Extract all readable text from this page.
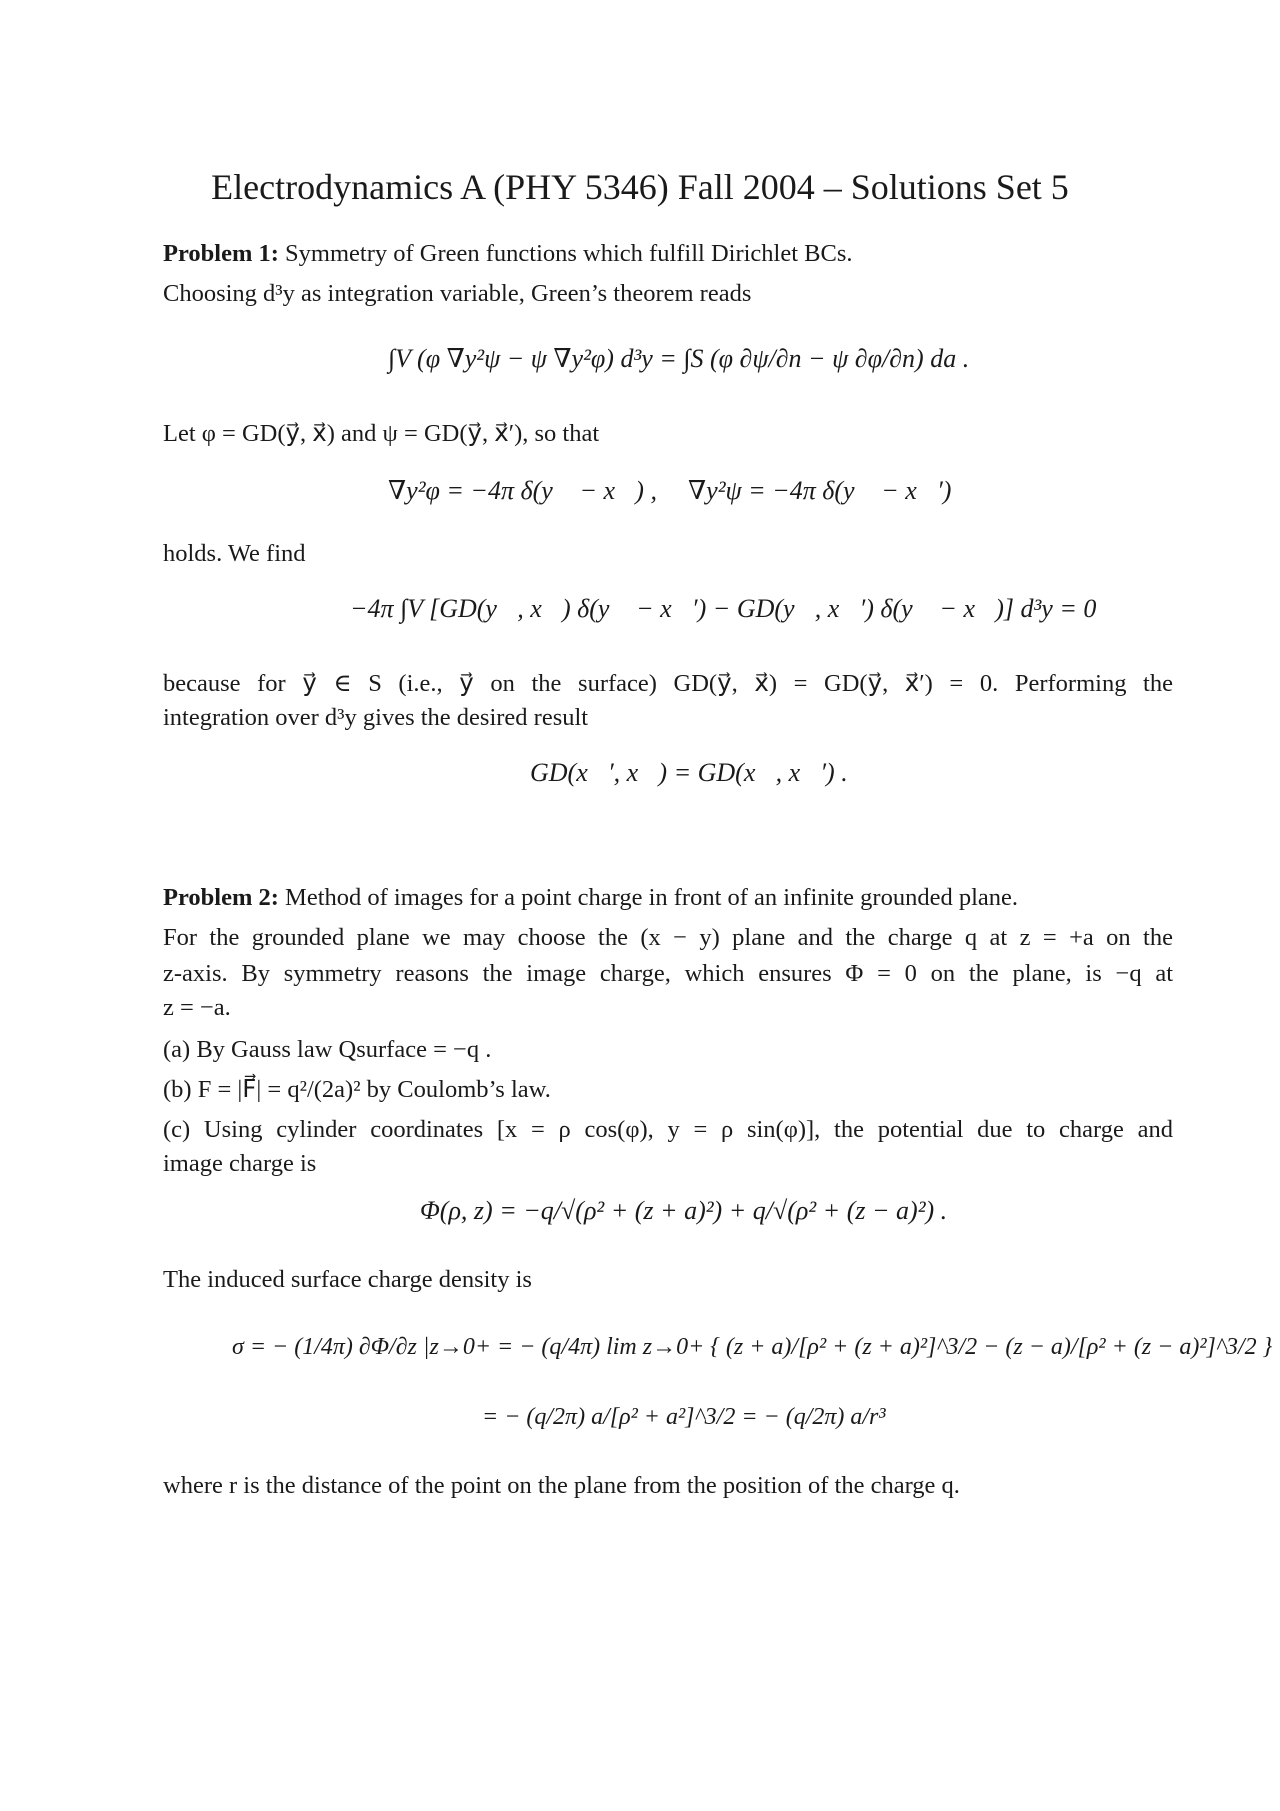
Electrodynamics A (PHY 5346) Fall 2004 – Solutions Set 5
Problem 1: Symmetry of Green functions which fulfill Dirichlet BCs.
Choosing d³y as integration variable, Green’s theorem reads
∫V (φ ∇y²ψ − ψ ∇y²φ) d³y = ∫S (φ ∂ψ/∂n − ψ ∂φ/∂n) da .
Let φ = GD(y⃗, x⃗) and ψ = GD(y⃗, x⃗′), so that
∇y²φ = −4π δ(y⃗ − x⃗) , ∇y²ψ = −4π δ(y⃗ − x⃗′)
holds. We find
−4π ∫V [GD(y⃗, x⃗) δ(y⃗ − x⃗′) − GD(y⃗, x⃗′) δ(y⃗ − x⃗)] d³y = 0
because for y⃗ ∈ S (i.e., y⃗ on the surface) GD(y⃗, x⃗) = GD(y⃗, x⃗′) = 0. Performing the
integration over d³y gives the desired result
GD(x⃗′, x⃗) = GD(x⃗, x⃗′) .
Problem 2: Method of images for a point charge in front of an infinite grounded plane.
For the grounded plane we may choose the (x − y) plane and the charge q at z = +a on the
z-axis. By symmetry reasons the image charge, which ensures Φ = 0 on the plane, is −q at
z = −a.
(a) By Gauss law Qsurface = −q .
(b) F = |F⃗| = q²/(2a)² by Coulomb’s law.
(c) Using cylinder coordinates [x = ρ cos(φ), y = ρ sin(φ)], the potential due to charge and
image charge is
Φ(ρ, z) = −q/√(ρ² + (z + a)²) + q/√(ρ² + (z − a)²) .
The induced surface charge density is
σ = − (1/4π) ∂Φ/∂z |z→0+ = − (q/4π) lim z→0+ { (z + a)/[ρ² + (z + a)²]^3/2 − (z − a)/[ρ² + (z − a)²]^3/2 }
= − (q/2π) a/[ρ² + a²]^3/2 = − (q/2π) a/r³
where r is the distance of the point on the plane from the position of the charge q.
